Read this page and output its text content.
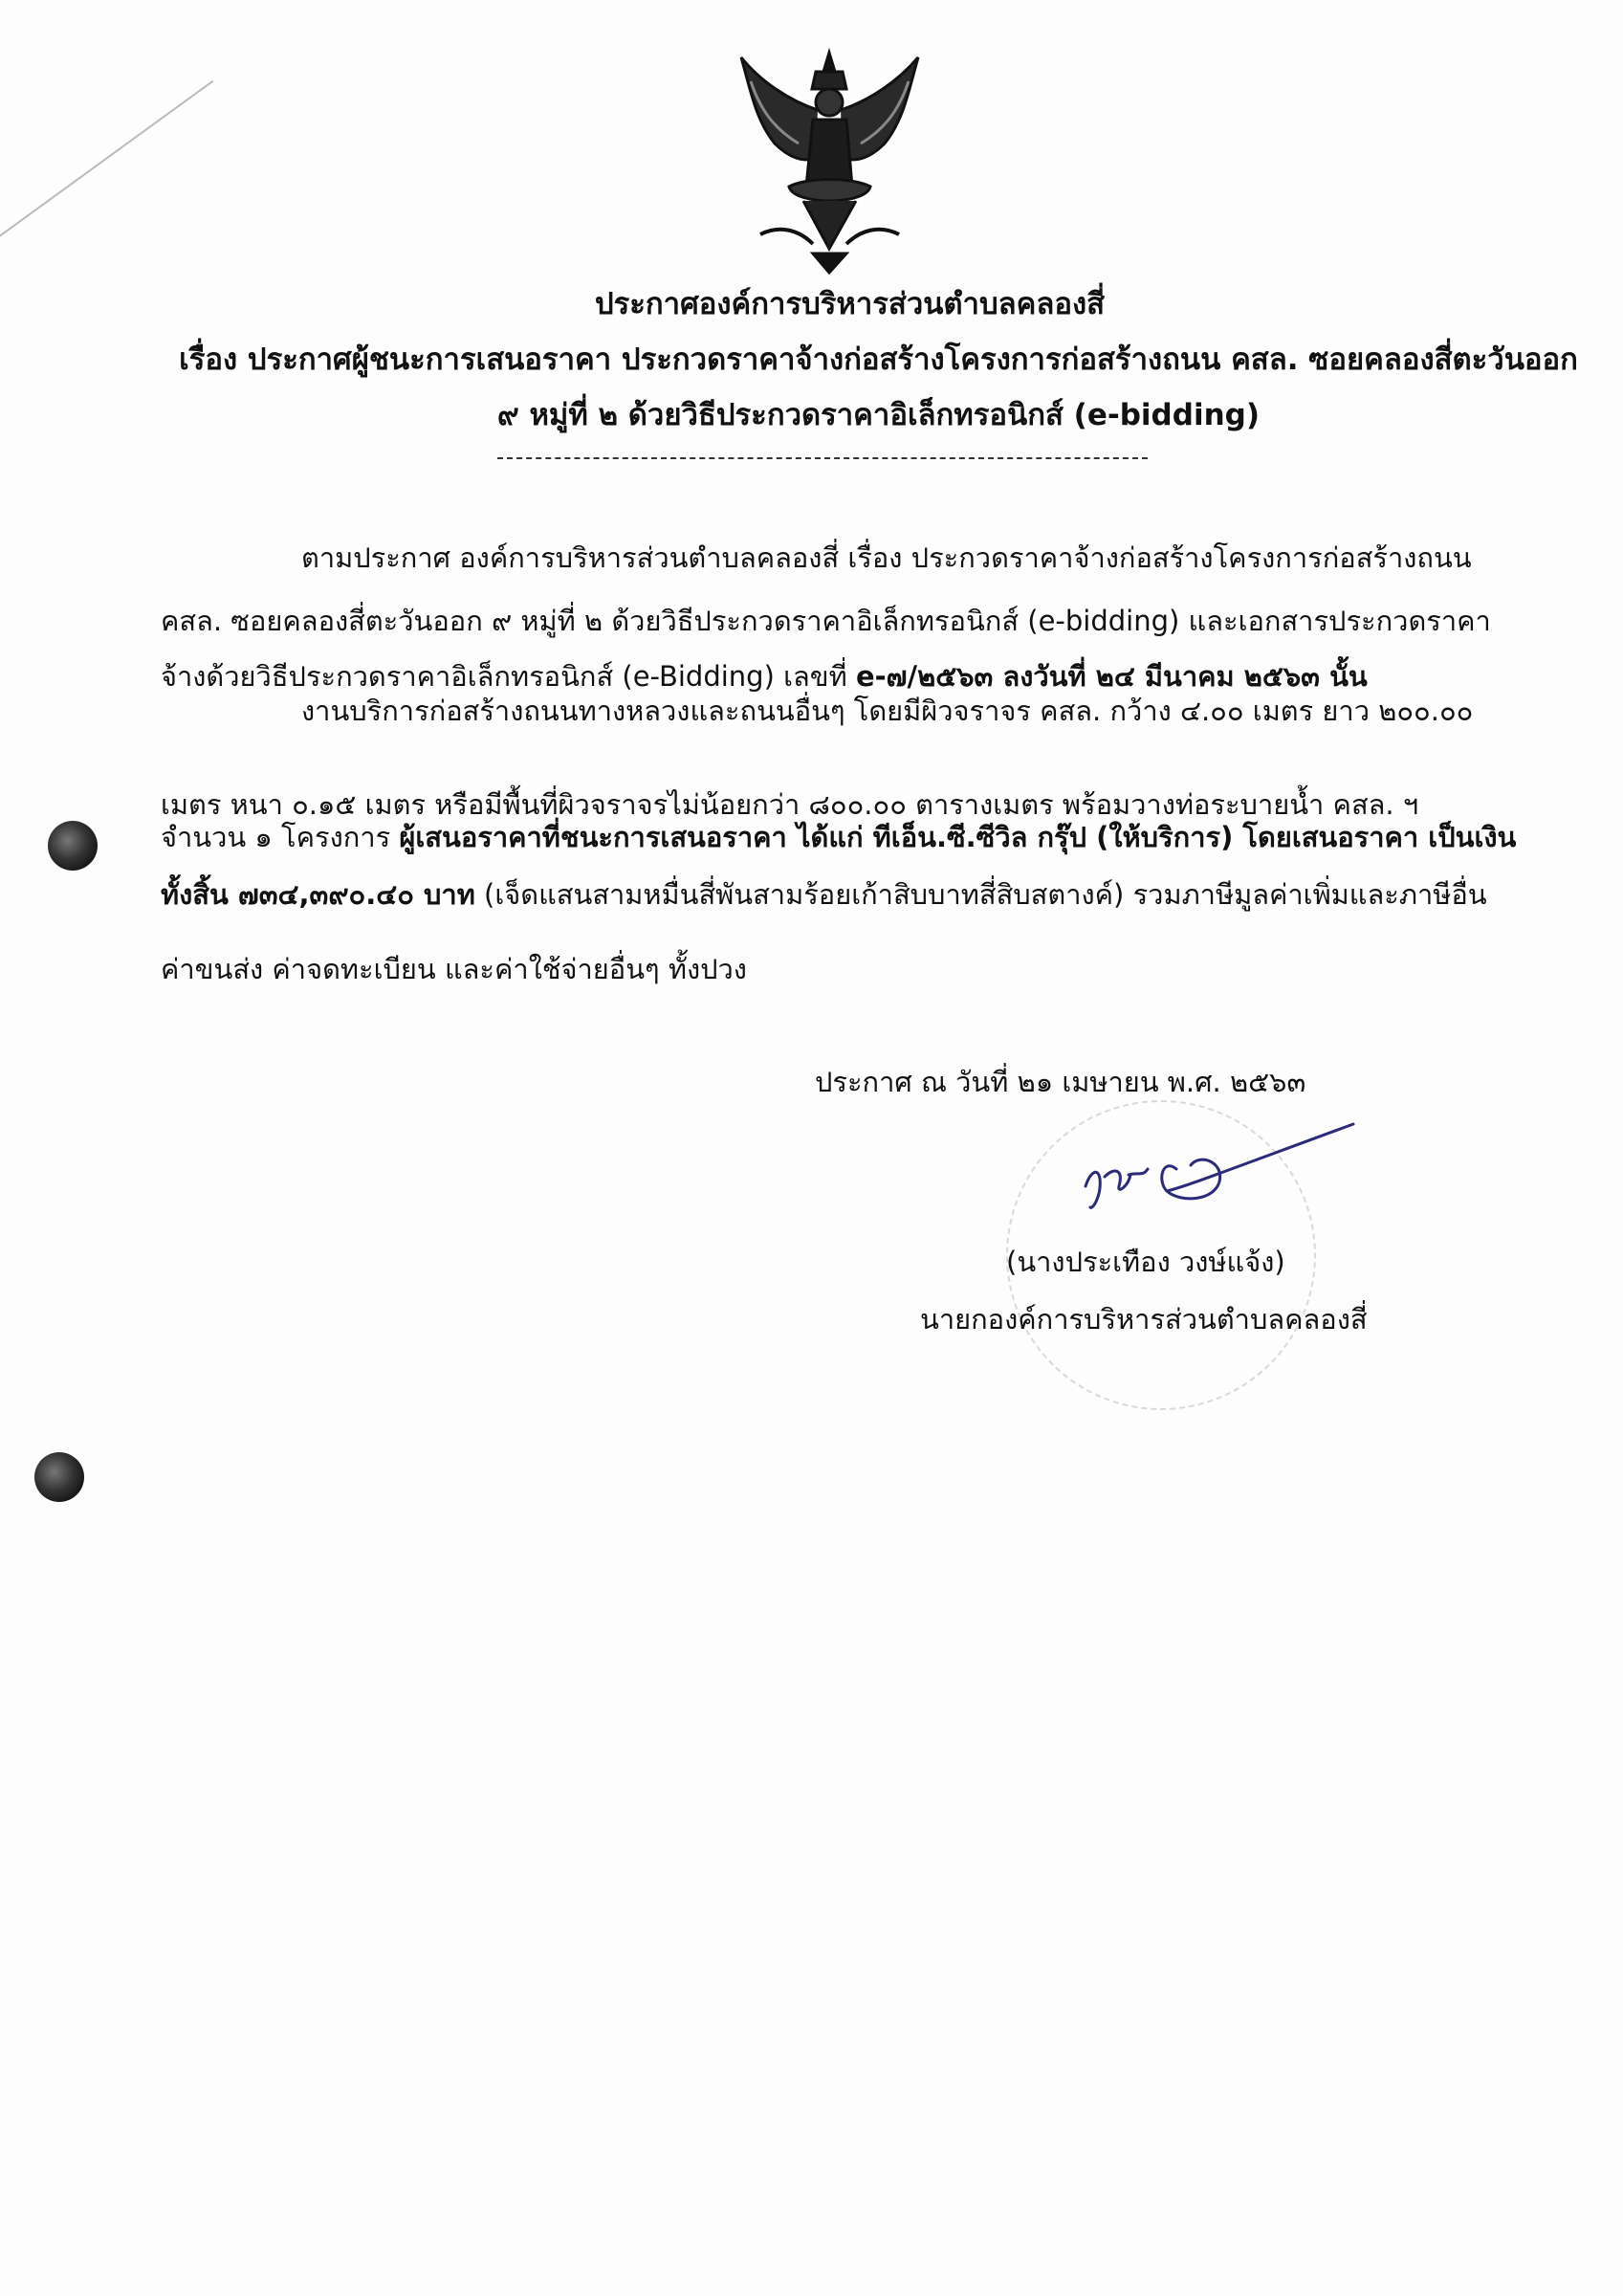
ประกาศองค์การบริหารส่วนตำบลคลองสี่
เรื่อง ประกาศผู้ชนะการเสนอราคา ประกวดราคาจ้างก่อสร้างโครงการก่อสร้างถนน คสล. ซอยคลองสี่ตะวันออก
๙ หมู่ที่ ๒ ด้วยวิธีประกวดราคาอิเล็กทรอนิกส์ (e-bidding)
ตามประกาศ องค์การบริหารส่วนตำบลคลองสี่ เรื่อง ประกวดราคาจ้างก่อสร้างโครงการก่อสร้างถนน
คสล. ซอยคลองสี่ตะวันออก ๙ หมู่ที่ ๒ ด้วยวิธีประกวดราคาอิเล็กทรอนิกส์ (e-bidding) และเอกสารประกวดราคา
จ้างด้วยวิธีประกวดราคาอิเล็กทรอนิกส์ (e-Bidding) เลขที่ e-๗/๒๕๖๓ ลงวันที่ ๒๔ มีนาคม ๒๕๖๓ นั้น
งานบริการก่อสร้างถนนทางหลวงและถนนอื่นๆ โดยมีผิวจราจร คสล. กว้าง ๔.๐๐ เมตร ยาว ๒๐๐.๐๐
เมตร หนา ๐.๑๕ เมตร หรือมีพื้นที่ผิวจราจรไม่น้อยกว่า ๘๐๐.๐๐ ตารางเมตร พร้อมวางท่อระบายน้ำ คสล. ฯ
จำนวน ๑ โครงการ ผู้เสนอราคาที่ชนะการเสนอราคา ได้แก่ ทีเอ็น.ซี.ซีวิล กรุ๊ป (ให้บริการ) โดยเสนอราคา เป็นเงิน
ทั้งสิ้น ๗๓๔,๓๙๐.๔๐ บาท (เจ็ดแสนสามหมื่นสี่พันสามร้อยเก้าสิบบาทสี่สิบสตางค์) รวมภาษีมูลค่าเพิ่มและภาษีอื่น
ค่าขนส่ง ค่าจดทะเบียน และค่าใช้จ่ายอื่นๆ ทั้งปวง
ประกาศ ณ วันที่ ๒๑ เมษายน พ.ศ. ๒๕๖๓
(นางประเทือง วงษ์แจ้ง)
นายกองค์การบริหารส่วนตำบลคลองสี่
